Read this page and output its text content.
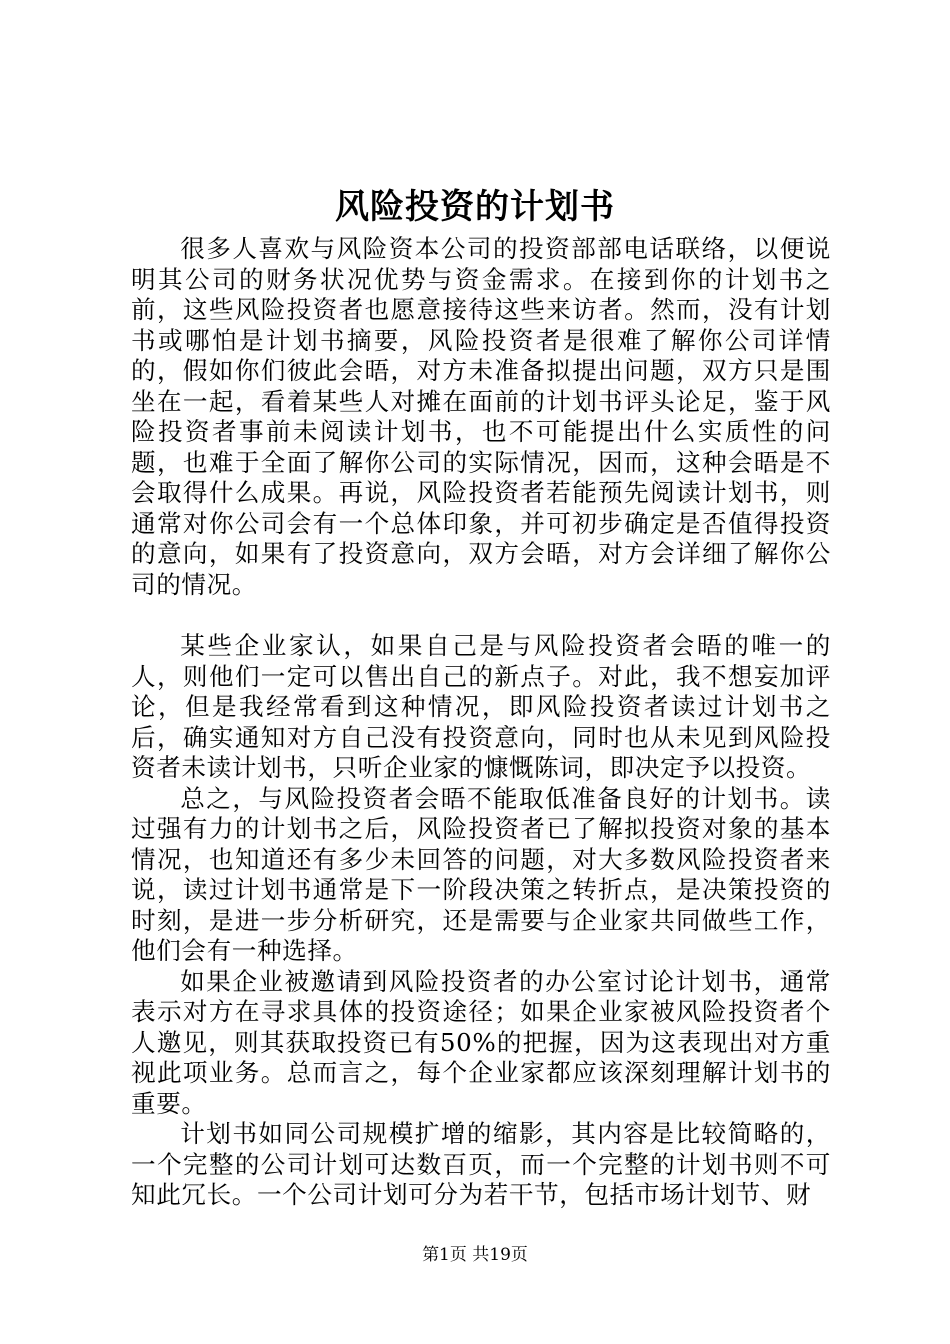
风险投资的计划书

很多人喜欢与风险资本公司的投资部部电话联络，以便说明其公司的财务状况优势与资金需求。在接到你的计划书之前，这些风险投资者也愿意接待这些来访者。然而，没有计划书或哪怕是计划书摘要，风险投资者是很难了解你公司详情的，假如你们彼此会晤，对方未准备拟提出问题，双方只是围坐在一起，看着某些人对摊在面前的计划书评头论足，鉴于风险投资者事前未阅读计划书，也不可能提出什么实质性的问题，也难于全面了解你公司的实际情况，因而，这种会晤是不会取得什么成果。再说，风险投资者若能预先阅读计划书，则通常对你公司会有一个总体印象，并可初步确定是否值得投资的意向，如果有了投资意向，双方会晤，对方会详细了解你公司的情况。

某些企业家认，如果自己是与风险投资者会晤的唯一的人，则他们一定可以售出自己的新点子。对此，我不想妄加评论，但是我经常看到这种情况，即风险投资者读过计划书之后，确实通知对方自己没有投资意向，同时也从未见到风险投资者未读计划书，只听企业家的慷慨陈词，即决定予以投资。

总之，与风险投资者会晤不能取低准备良好的计划书。读过强有力的计划书之后，风险投资者已了解拟投资对象的基本情况，也知道还有多少未回答的问题，对大多数风险投资者来说，读过计划书通常是下一阶段决策之转折点，是决策投资的时刻，是进一步分析研究，还是需要与企业家共同做些工作，他们会有一种选择。

如果企业被邀请到风险投资者的办公室讨论计划书，通常表示对方在寻求具体的投资途径；如果企业家被风险投资者个人邀见，则其获取投资已有50%的把握，因为这表现出对方重视此项业务。总而言之，每个企业家都应该深刻理解计划书的重要。

计划书如同公司规模扩增的缩影，其内容是比较简略的，一个完整的公司计划可达数百页，而一个完整的计划书则不可知此冗长。一个公司计划可分为若干节，包括市场计划节、财

第1页 共19页
